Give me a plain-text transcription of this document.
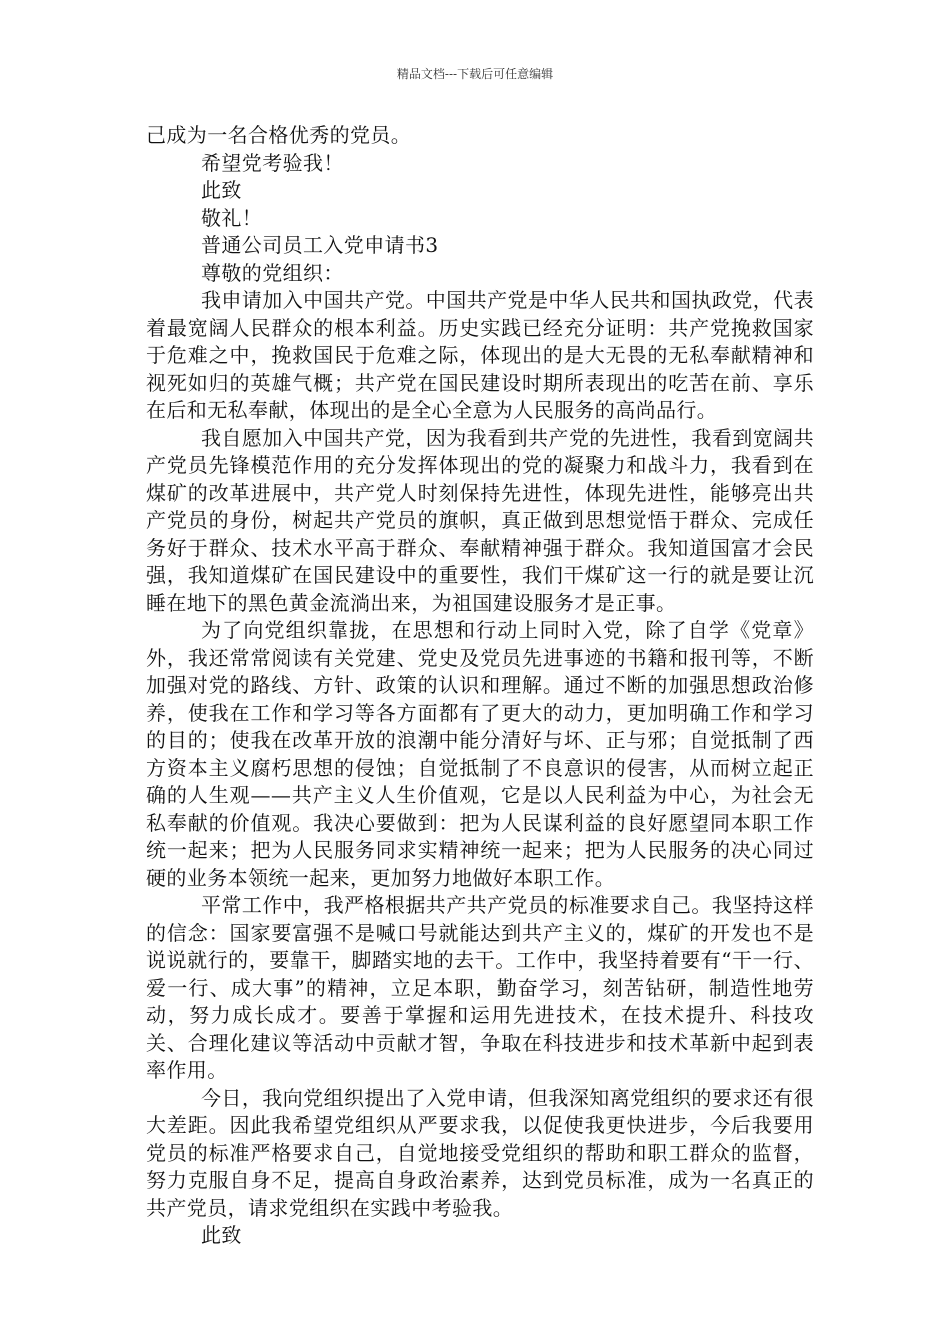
精品文档---下载后可任意编辑

己成为一名合格优秀的党员。

希望党考验我！

此致

敬礼！

普通公司员工入党申请书3

尊敬的党组织：

我申请加入中国共产党。中国共产党是中华人民共和国执政党，代表着最宽阔人民群众的根本利益。历史实践已经充分证明：共产党挽救国家于危难之中，挽救国民于危难之际，体现出的是大无畏的无私奉献精神和视死如归的英雄气概；共产党在国民建设时期所表现出的吃苦在前、享乐在后和无私奉献，体现出的是全心全意为人民服务的高尚品行。

我自愿加入中国共产党，因为我看到共产党的先进性，我看到宽阔共产党员先锋模范作用的充分发挥体现出的党的凝聚力和战斗力，我看到在煤矿的改革进展中，共产党人时刻保持先进性，体现先进性，能够亮出共产党员的身份，树起共产党员的旗帜，真正做到思想觉悟于群众、完成任务好于群众、技术水平高于群众、奉献精神强于群众。我知道国富才会民强，我知道煤矿在国民建设中的重要性，我们干煤矿这一行的就是要让沉睡在地下的黑色黄金流淌出来，为祖国建设服务才是正事。

为了向党组织靠拢，在思想和行动上同时入党，除了自学《党章》外，我还常常阅读有关党建、党史及党员先进事迹的书籍和报刊等，不断加强对党的路线、方针、政策的认识和理解。通过不断的加强思想政治修养，使我在工作和学习等各方面都有了更大的动力，更加明确工作和学习的目的；使我在改革开放的浪潮中能分清好与坏、正与邪；自觉抵制了西方资本主义腐朽思想的侵蚀；自觉抵制了不良意识的侵害，从而树立起正确的人生观——共产主义人生价值观，它是以人民利益为中心，为社会无私奉献的价值观。我决心要做到：把为人民谋利益的良好愿望同本职工作统一起来；把为人民服务同求实精神统一起来；把为人民服务的决心同过硬的业务本领统一起来，更加努力地做好本职工作。

平常工作中，我严格根据共产共产党员的标准要求自己。我坚持这样的信念：国家要富强不是喊口号就能达到共产主义的，煤矿的开发也不是说说就行的，要靠干，脚踏实地的去干。工作中，我坚持着要有“干一行、爱一行、成大事”的精神，立足本职，勤奋学习，刻苦钻研，制造性地劳动，努力成长成才。要善于掌握和运用先进技术，在技术提升、科技攻关、合理化建议等活动中贡献才智，争取在科技进步和技术革新中起到表率作用。

今日，我向党组织提出了入党申请，但我深知离党组织的要求还有很大差距。因此我希望党组织从严要求我，以促使我更快进步，今后我要用党员的标准严格要求自己，自觉地接受党组织的帮助和职工群众的监督，努力克服自身不足，提高自身政治素养，达到党员标准，成为一名真正的共产党员，请求党组织在实践中考验我。

此致
